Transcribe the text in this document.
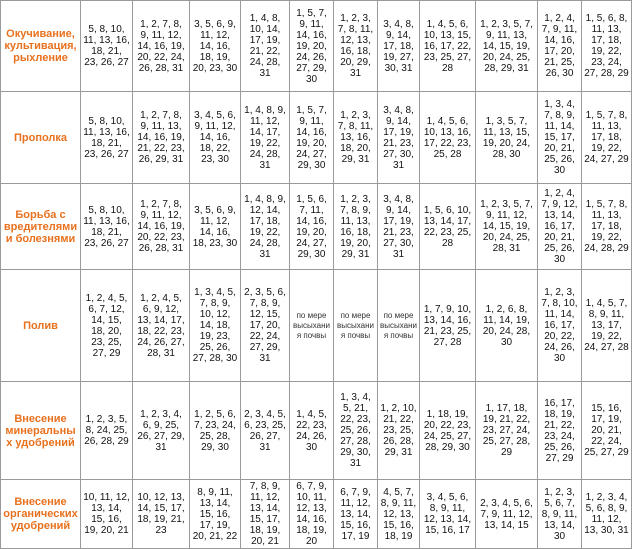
Окучивание, культивация, рыхление	5, 8, 10, 11, 13, 16, 18, 21, 23, 26, 27	1, 2, 7, 8, 9, 11, 12, 14, 16, 19, 20, 22, 24, 26, 28, 31	3, 5, 6, 9, 11, 12, 14, 16, 18, 19, 20, 23, 30	1, 4, 8, 10, 14, 17, 19, 21, 22, 24, 28, 31	1, 5, 7, 9, 11, 14, 16, 19, 20, 24, 26, 27, 29, 30	1, 2, 3, 7, 8, 11, 12, 13, 16, 18, 20, 29, 31	3, 4, 8, 9, 14, 17, 18, 19, 27, 30, 31	1, 4, 5, 6, 10, 13, 15, 16, 17, 22, 23, 25, 27, 28	1, 2, 3, 5, 7, 9, 11, 13, 14, 15, 19, 20, 24, 25, 28, 29, 31	1, 2, 4, 7, 9, 11, 14, 16, 17, 20, 21, 25, 26, 30	1, 5, 6, 8, 11, 13, 17, 18, 19, 22, 23, 24, 27, 28, 29
Прополка	5, 8, 10, 11, 13, 16, 18, 21, 23, 26, 27	1, 2, 7, 8, 9, 11, 13, 14, 16, 19, 21, 22, 23, 26, 29, 31	3, 4, 5, 6, 9, 11, 12, 14, 16, 18, 22, 23, 30	1, 4, 8, 9, 11, 12, 14, 17, 19, 22, 24, 28, 31	1, 5, 7, 9, 11, 14, 16, 19, 20, 24, 27, 29, 30	1, 2, 3, 7, 8, 11, 13, 16, 18, 20, 29, 31	3, 4, 8, 9, 14, 17, 19, 21, 23, 27, 30, 31	1, 4, 5, 6, 10, 13, 16, 17, 22, 23, 25, 28	1, 3, 5, 7, 11, 13, 15, 19, 20, 24, 28, 30	1, 3, 4, 7, 8, 9, 11, 14, 15, 17, 20, 21, 25, 26, 30	1, 5, 7, 8, 11, 13, 17, 18, 19, 22, 24, 27, 29
Борьба с вредителями и болезнями	5, 8, 10, 11, 13, 16, 18, 21, 23, 26, 27	1, 2, 7, 8, 9, 11, 12, 14, 16, 19, 20, 22, 23, 26, 28, 31	3, 5, 6, 9, 11, 12, 14, 16, 18, 23, 30	1, 4, 8, 9, 12, 14, 17, 18, 19, 22, 24, 28, 31	1, 5, 6, 7, 11, 14, 16, 19, 20, 24, 27, 29, 30	1, 2, 3, 7, 8, 9, 11, 13, 16, 18, 19, 20, 29, 31	3, 4, 8, 9, 14, 17, 19, 21, 23, 27, 30, 31	1, 5, 6, 10, 13, 14, 17, 22, 23, 25, 28	1, 2, 3, 5, 7, 9, 11, 12, 14, 15, 19, 20, 24, 25, 28, 31	1, 2, 4, 7, 9, 12, 13, 14, 16, 17, 20, 21, 25, 26, 30	1, 5, 7, 8, 11, 13, 17, 18, 19, 22, 24, 28, 29
Полив	1, 2, 4, 5, 6, 7, 12, 14, 15, 18, 20, 23, 25, 27, 29	1, 2, 4, 5, 6, 9, 12, 13, 14, 17, 18, 22, 23, 24, 26, 27, 28, 31	1, 3, 4, 5, 7, 8, 9, 10, 12, 14, 18, 19, 23, 25, 26, 27, 28, 30	2, 3, 5, 6, 7, 8, 9, 12, 15, 17, 20, 22, 24, 27, 29, 31	по мере высыхания почвы	по мере высыхания почвы	по мере высыхания почвы	1, 7, 9, 10, 13, 14, 16, 21, 23, 25, 27, 28	1, 2, 6, 8, 11, 14, 19, 20, 24, 28, 30	1, 2, 3, 7, 8, 10, 11, 14, 16, 17, 20, 22, 24, 26, 30	1, 4, 5, 7, 8, 9, 11, 13, 17, 19, 22, 24, 27, 28
Внесение минеральных удобрений	1, 2, 3, 5, 8, 24, 25, 26, 28, 29	1, 2, 3, 4, 6, 9, 25, 26, 27, 29, 31	1, 2, 5, 6, 7, 23, 24, 25, 28, 29, 30	2, 3, 4, 5, 6, 23, 25, 26, 27, 31	1, 4, 5, 22, 23, 24, 26, 30	1, 3, 4, 5, 21, 22, 23, 25, 26, 27, 28, 29, 30, 31	1, 2, 10, 21, 22, 23, 25, 26, 28, 29, 31	1, 18, 19, 20, 22, 23, 24, 25, 27, 28, 29, 30	1, 17, 18, 19, 21, 22, 23, 27, 24, 25, 27, 28, 29	16, 17, 18, 19, 21, 22, 23, 24, 25, 26, 27, 29	15, 16, 17, 19, 20, 21, 22, 24, 25, 27, 29
Внесение органических удобрений	10, 11, 12, 13, 14, 15, 16, 19, 20, 21	10, 12, 13, 14, 15, 17, 18, 19, 21, 23	8, 9, 11, 13, 14, 15, 16, 17, 19, 20, 21, 22	7, 8, 9, 11, 12, 13, 14, 15, 17, 18, 19, 20, 21	6, 7, 9, 10, 11, 12, 13, 14, 16, 18, 19, 20	6, 7, 9, 11, 12, 13, 14, 15, 16, 17, 19	4, 5, 7, 8, 9, 11, 12, 13, 15, 16, 18, 19	3, 4, 5, 6, 8, 9, 11, 12, 13, 14, 15, 16, 17	2, 3, 4, 5, 6, 7, 9, 11, 12, 13, 14, 15	1, 2, 3, 5, 6, 7, 8, 9, 11, 13, 14, 30	1, 2, 3, 4, 5, 6, 8, 9, 11, 12, 13, 30, 31
